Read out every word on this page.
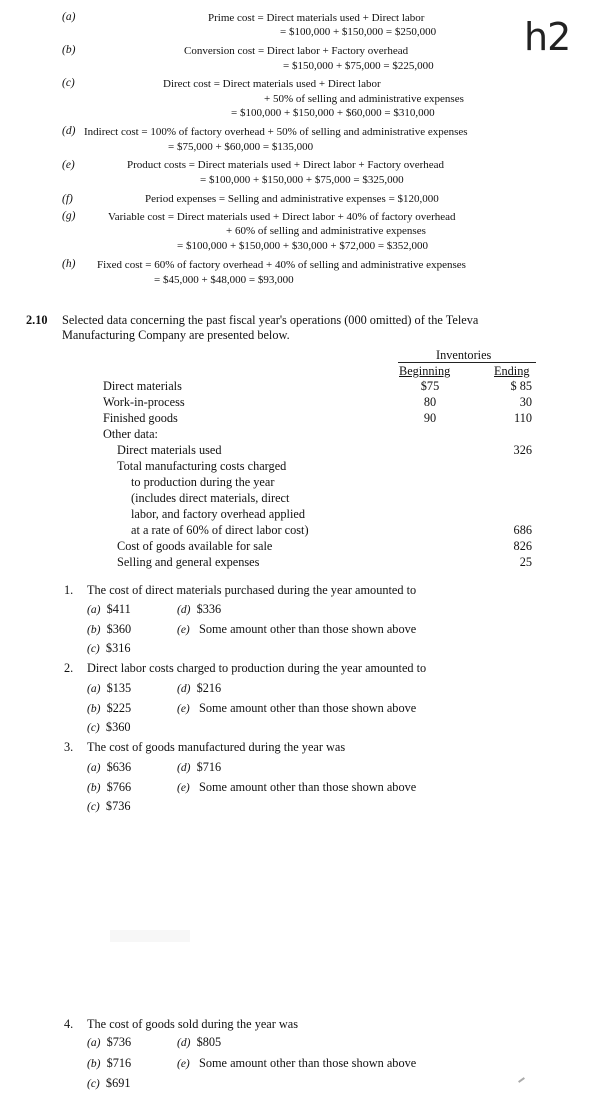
h2
(a)	Prime cost = Direct materials used + Direct labor
= $100,000 + $150,000 = $250,000
(b)	Conversion cost = Direct labor + Factory overhead
= $150,000 + $75,000 = $225,000
(c)	Direct cost = Direct materials used + Direct labor
+ 50% of selling and administrative expenses
= $100,000 + $150,000 + $60,000 = $310,000
(d) Indirect cost = 100% of factory overhead + 50% of selling and administrative expenses
= $75,000 + $60,000 = $135,000
(e)	Product costs = Direct materials used + Direct labor + Factory overhead
= $100,000 + $150,000 + $75,000 = $325,000
(f)	Period expenses = Selling and administrative expenses = $120,000
(g)	Variable cost = Direct materials used + Direct labor + 40% of factory overhead
+ 60% of selling and administrative expenses
= $100,000 + $150,000 + $30,000 + $72,000 = $352,000
(h) Fixed cost = 60% of factory overhead + 40% of selling and administrative expenses
= $45,000 + $48,000 = $93,000
2.10 Selected data concerning the past fiscal year's operations (000 omitted) of the Televa
Manufacturing Company are presented below.
Inventories
Beginning	Ending
Direct materials	$75	$ 85
Work-in-process	80	30
Finished goods	90	110
Other data:
Direct materials used	326
Total manufacturing costs charged
to production during the year
(includes direct materials, direct
labor, and factory overhead applied
at a rate of 60% of direct labor cost)	686
Cost of goods available for sale	826
Selling and general expenses	25
1. The cost of direct materials purchased during the year amounted to
(a) $411	(d) $336
(b) $360	(e) Some amount other than those shown above
(c) $316
2. Direct labor costs charged to production during the year amounted to
(a) $135	(d) $216
(b) $225	(e) Some amount other than those shown above
(c) $360
3. The cost of goods manufactured during the year was
(a) $636	(d) $716
(b) $766	(e) Some amount other than those shown above
(c) $736
4. The cost of goods sold during the year was
(a) $736	(d) $805
(b) $716	(e) Some amount other than those shown above
(c) $691
